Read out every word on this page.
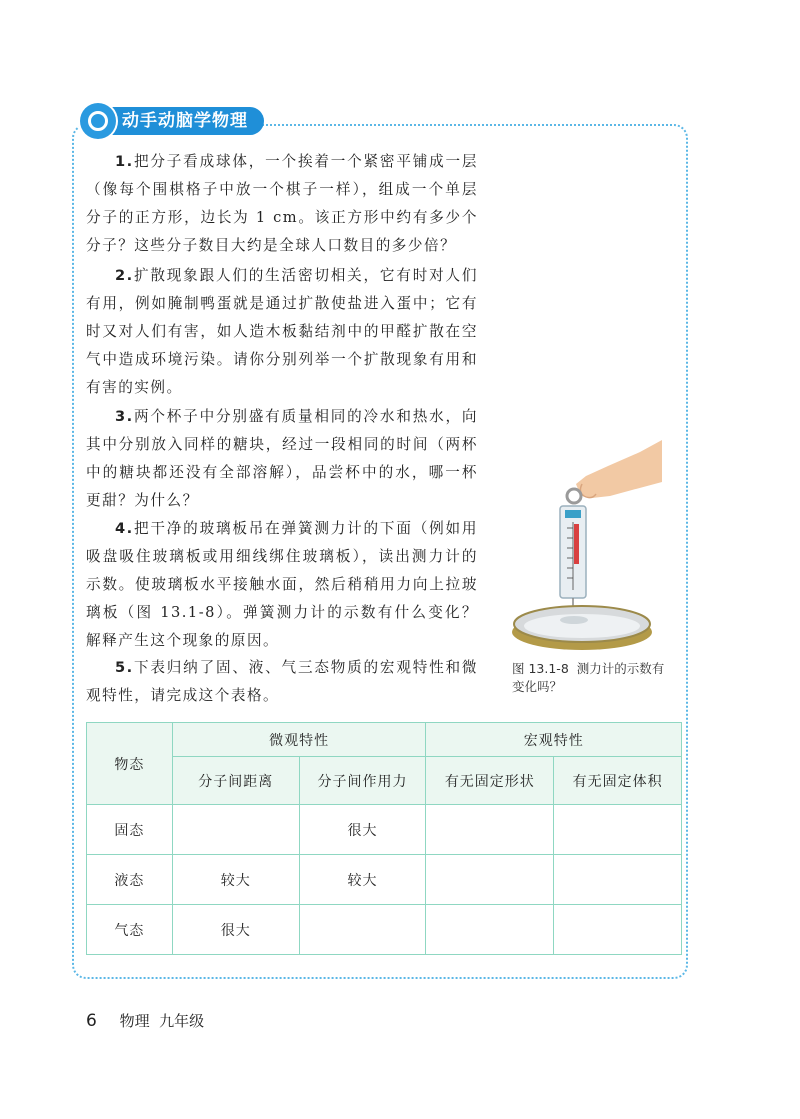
动手动脑学物理

1.把分子看成球体，一个挨着一个紧密平铺成一层（像每个围棋格子中放一个棋子一样），组成一个单层分子的正方形，边长为 1 cm。该正方形中约有多少个分子？这些分子数目大约是全球人口数目的多少倍？

2.扩散现象跟人们的生活密切相关，它有时对人们有用，例如腌制鸭蛋就是通过扩散使盐进入蛋中；它有时又对人们有害，如人造木板黏结剂中的甲醛扩散在空气中造成环境污染。请你分别列举一个扩散现象有用和有害的实例。

3.两个杯子中分别盛有质量相同的冷水和热水，向其中分别放入同样的糖块，经过一段相同的时间（两杯中的糖块都还没有全部溶解），品尝杯中的水，哪一杯更甜？为什么？

4.把干净的玻璃板吊在弹簧测力计的下面（例如用吸盘吸住玻璃板或用细线绑住玻璃板），读出测力计的示数。使玻璃板水平接触水面，然后稍稍用力向上拉玻璃板（图 13.1-8）。弹簧测力计的示数有什么变化？解释产生这个现象的原因。

5.下表归纳了固、液、气三态物质的宏观特性和微观特性，请完成这个表格。

图 13.1-8 测力计的示数有变化吗？
物态	微观特性		宏观特性	
	分子间距离	分子间作用力	有无固定形状	有无固定体积
固态		很大		
液态	较大	较大		
气态	很大			
6 物理 九年级
